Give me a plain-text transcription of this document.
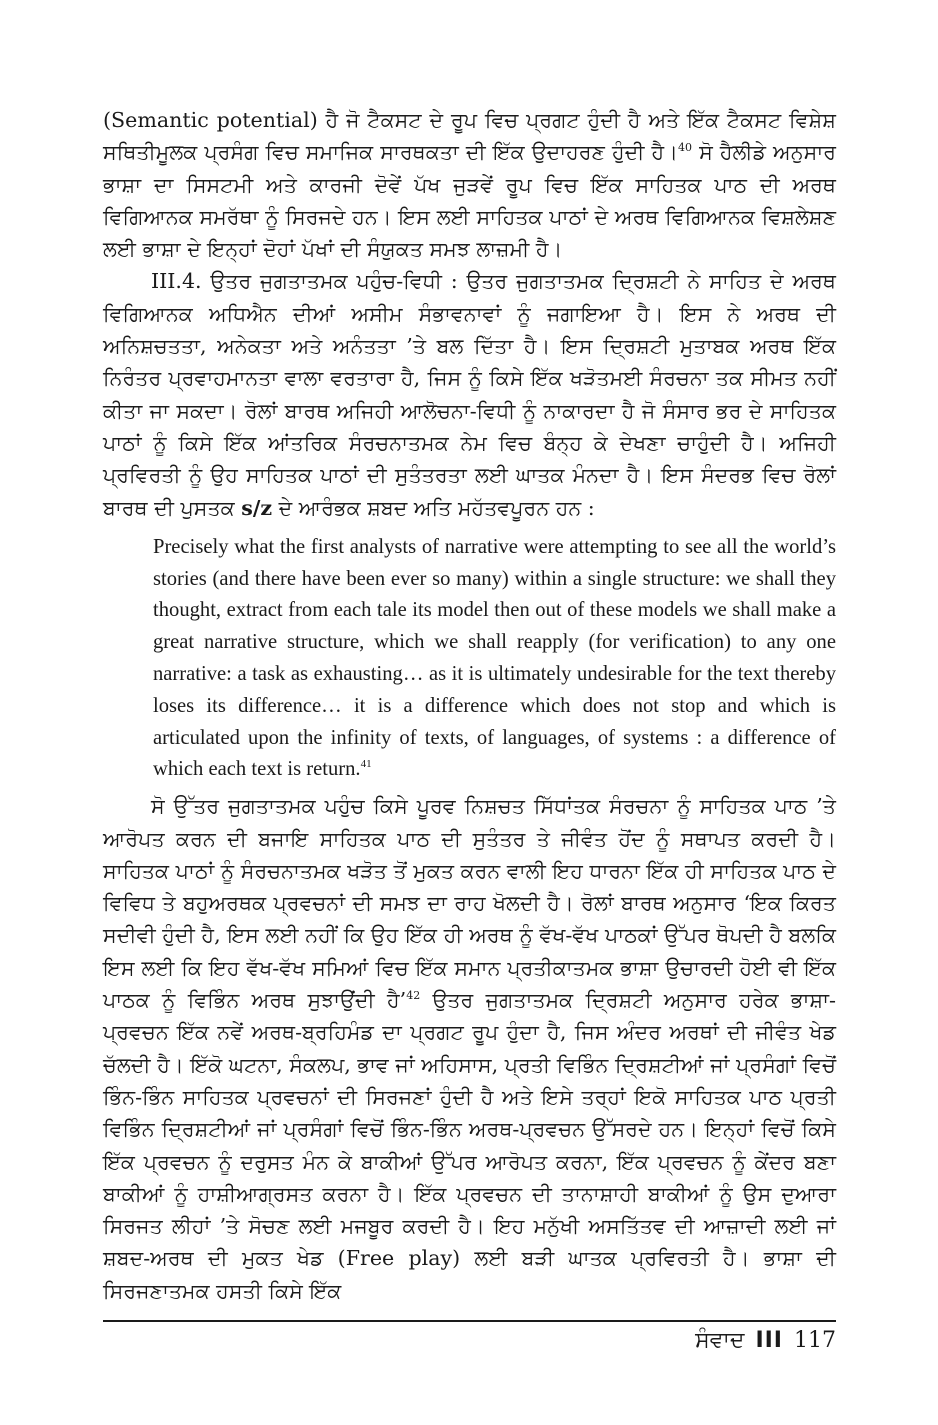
(Semantic potential) ਹੈ ਜੋ ਟੈਕਸਟ ਦੇ ਰੂਪ ਵਿਚ ਪ੍ਰਗਟ ਹੁੰਦੀ ਹੈ ਅਤੇ ਇੱਕ ਟੈਕਸਟ ਵਿਸ਼ੇਸ਼ ਸਥਿਤੀਮੂਲਕ ਪ੍ਰਸੰਗ ਵਿਚ ਸਮਾਜਿਕ ਸਾਰਥਕਤਾ ਦੀ ਇੱਕ ਉਦਾਹਰਣ ਹੁੰਦੀ ਹੈ।$^{40}$ ਸੋ ਹੈਲੀਡੇ ਅਨੁਸਾਰ ਭਾਸ਼ਾ ਦਾ ਸਿਸਟਮੀ ਅਤੇ ਕਾਰਜੀ ਦੋਵੇਂ ਪੱਖ ਜੁੜਵੇਂ ਰੂਪ ਵਿਚ ਇੱਕ ਸਾਹਿਤਕ ਪਾਠ ਦੀ ਅਰਥ ਵਿਗਿਆਨਕ ਸਮਰੱਥਾ ਨੂੰ ਸਿਰਜਦੇ ਹਨ। ਇਸ ਲਈ ਸਾਹਿਤਕ ਪਾਠਾਂ ਦੇ ਅਰਥ ਵਿਗਿਆਨਕ ਵਿਸ਼ਲੇਸ਼ਣ ਲਈ ਭਾਸ਼ਾ ਦੇ ਇਨ੍ਹਾਂ ਦੋਹਾਂ ਪੱਖਾਂ ਦੀ ਸੰਯੁਕਤ ਸਮਝ ਲਾਜ਼ਮੀ ਹੈ।

III.4. ਉਤਰ ਜੁਗਤਾਤਮਕ ਪਹੁੰਚ-ਵਿਧੀ : ਉਤਰ ਜੁਗਤਾਤਮਕ ਦ੍ਰਿਸ਼ਟੀ ਨੇ ਸਾਹਿਤ ਦੇ ਅਰਥ ਵਿਗਿਆਨਕ ਅਧਿਐਨ ਦੀਆਂ ਅਸੀਮ ਸੰਭਾਵਨਾਵਾਂ ਨੂੰ ਜਗਾਇਆ ਹੈ। ਇਸ ਨੇ ਅਰਥ ਦੀ ਅਨਿਸ਼ਚਤਤਾ, ਅਨੇਕਤਾ ਅਤੇ ਅਨੰਤਤਾ ’ਤੇ ਬਲ ਦਿੱਤਾ ਹੈ। ਇਸ ਦ੍ਰਿਸ਼ਟੀ ਮੁਤਾਬਕ ਅਰਥ ਇੱਕ ਨਿਰੰਤਰ ਪ੍ਰਵਾਹਮਾਨਤਾ ਵਾਲਾ ਵਰਤਾਰਾ ਹੈ, ਜਿਸ ਨੂੰ ਕਿਸੇ ਇੱਕ ਖੜੋਤਮਈ ਸੰਰਚਨਾ ਤਕ ਸੀਮਤ ਨਹੀਂ ਕੀਤਾ ਜਾ ਸਕਦਾ। ਰੋਲਾਂ ਬਾਰਥ ਅਜਿਹੀ ਆਲੋਚਨਾ-ਵਿਧੀ ਨੂੰ ਨਾਕਾਰਦਾ ਹੈ ਜੋ ਸੰਸਾਰ ਭਰ ਦੇ ਸਾਹਿਤਕ ਪਾਠਾਂ ਨੂੰ ਕਿਸੇ ਇੱਕ ਆਂਤਰਿਕ ਸੰਰਚਨਾਤਮਕ ਨੇਮ ਵਿਚ ਬੰਨ੍ਹ ਕੇ ਦੇਖਣਾ ਚਾਹੁੰਦੀ ਹੈ। ਅਜਿਹੀ ਪ੍ਰਵਿਰਤੀ ਨੂੰ ਉਹ ਸਾਹਿਤਕ ਪਾਠਾਂ ਦੀ ਸੁਤੰਤਰਤਾ ਲਈ ਘਾਤਕ ਮੰਨਦਾ ਹੈ। ਇਸ ਸੰਦਰਭ ਵਿਚ ਰੋਲਾਂ ਬਾਰਥ ਦੀ ਪੁਸਤਕ s/z ਦੇ ਆਰੰਭਕ ਸ਼ਬਦ ਅਤਿ ਮਹੱਤਵਪੂਰਨ ਹਨ :

Precisely what the first analysts of narrative were attempting to see all the world’s stories (and there have been ever so many) within a single structure: we shall they thought, extract from each tale its model then out of these models we shall make a great narrative structure, which we shall reapply (for verification) to any one narrative: a task as exhausting… as it is ultimately undesirable for the text thereby loses its difference… it is a difference which does not stop and which is articulated upon the infinity of texts, of languages, of systems : a difference of which each text is return.$^{41}$

ਸੋ ਉੱਤਰ ਜੁਗਤਾਤਮਕ ਪਹੁੰਚ ਕਿਸੇ ਪੂਰਵ ਨਿਸ਼ਚਤ ਸਿੱਧਾਂਤਕ ਸੰਰਚਨਾ ਨੂੰ ਸਾਹਿਤਕ ਪਾਠ ’ਤੇ ਆਰੋਪਤ ਕਰਨ ਦੀ ਬਜਾਇ ਸਾਹਿਤਕ ਪਾਠ ਦੀ ਸੁਤੰਤਰ ਤੇ ਜੀਵੰਤ ਹੋਂਦ ਨੂੰ ਸਥਾਪਤ ਕਰਦੀ ਹੈ। ਸਾਹਿਤਕ ਪਾਠਾਂ ਨੂੰ ਸੰਰਚਨਾਤਮਕ ਖੜੋਤ ਤੋਂ ਮੁਕਤ ਕਰਨ ਵਾਲੀ ਇਹ ਧਾਰਨਾ ਇੱਕ ਹੀ ਸਾਹਿਤਕ ਪਾਠ ਦੇ ਵਿਵਿਧ ਤੇ ਬਹੁਅਰਥਕ ਪ੍ਰਵਚਨਾਂ ਦੀ ਸਮਝ ਦਾ ਰਾਹ ਖੋਲਦੀ ਹੈ। ਰੋਲਾਂ ਬਾਰਥ ਅਨੁਸਾਰ ‘ਇਕ ਕਿਰਤ ਸਦੀਵੀ ਹੁੰਦੀ ਹੈ, ਇਸ ਲਈ ਨਹੀਂ ਕਿ ਉਹ ਇੱਕ ਹੀ ਅਰਥ ਨੂੰ ਵੱਖ-ਵੱਖ ਪਾਠਕਾਂ ਉੱਪਰ ਥੋਪਦੀ ਹੈ ਬਲਕਿ ਇਸ ਲਈ ਕਿ ਇਹ ਵੱਖ-ਵੱਖ ਸਮਿਆਂ ਵਿਚ ਇੱਕ ਸਮਾਨ ਪ੍ਰਤੀਕਾਤਮਕ ਭਾਸ਼ਾ ਉਚਾਰਦੀ ਹੋਈ ਵੀ ਇੱਕ ਪਾਠਕ ਨੂੰ ਵਿਭਿੰਨ ਅਰਥ ਸੁਝਾਉਂਦੀ ਹੈ’$^{42}$ ਉਤਰ ਜੁਗਤਾਤਮਕ ਦ੍ਰਿਸ਼ਟੀ ਅਨੁਸਾਰ ਹਰੇਕ ਭਾਸ਼ਾ-ਪ੍ਰਵਚਨ ਇੱਕ ਨਵੇਂ ਅਰਥ-ਬ੍ਰਹਿਮੰਡ ਦਾ ਪ੍ਰਗਟ ਰੂਪ ਹੁੰਦਾ ਹੈ, ਜਿਸ ਅੰਦਰ ਅਰਥਾਂ ਦੀ ਜੀਵੰਤ ਖੇਡ ਚੱਲਦੀ ਹੈ। ਇੱਕੋ ਘਟਨਾ, ਸੰਕਲਪ, ਭਾਵ ਜਾਂ ਅਹਿਸਾਸ, ਪ੍ਰਤੀ ਵਿਭਿੰਨ ਦ੍ਰਿਸ਼ਟੀਆਂ ਜਾਂ ਪ੍ਰਸੰਗਾਂ ਵਿਚੋਂ ਭਿੰਨ-ਭਿੰਨ ਸਾਹਿਤਕ ਪ੍ਰਵਚਨਾਂ ਦੀ ਸਿਰਜਣਾਂ ਹੁੰਦੀ ਹੈ ਅਤੇ ਇਸੇ ਤਰ੍ਹਾਂ ਇਕੋ ਸਾਹਿਤਕ ਪਾਠ ਪ੍ਰਤੀ ਵਿਭਿੰਨ ਦ੍ਰਿਸ਼ਟੀਆਂ ਜਾਂ ਪ੍ਰਸੰਗਾਂ ਵਿਚੋਂ ਭਿੰਨ-ਭਿੰਨ ਅਰਥ-ਪ੍ਰਵਚਨ ਉੱਸਰਦੇ ਹਨ। ਇਨ੍ਹਾਂ ਵਿਚੋਂ ਕਿਸੇ ਇੱਕ ਪ੍ਰਵਚਨ ਨੂੰ ਦਰੁਸਤ ਮੰਨ ਕੇ ਬਾਕੀਆਂ ਉੱਪਰ ਆਰੋਪਤ ਕਰਨਾ, ਇੱਕ ਪ੍ਰਵਚਨ ਨੂੰ ਕੇਂਦਰ ਬਣਾ ਬਾਕੀਆਂ ਨੂੰ ਹਾਸ਼ੀਆਗ੍ਰਸਤ ਕਰਨਾ ਹੈ। ਇੱਕ ਪ੍ਰਵਚਨ ਦੀ ਤਾਨਾਸ਼ਾਹੀ ਬਾਕੀਆਂ ਨੂੰ ਉਸ ਦੁਆਰਾ ਸਿਰਜਤ ਲੀਹਾਂ ’ਤੇ ਸੋਚਣ ਲਈ ਮਜਬੂਰ ਕਰਦੀ ਹੈ। ਇਹ ਮਨੁੱਖੀ ਅਸਤਿੱਤਵ ਦੀ ਆਜ਼ਾਦੀ ਲਈ ਜਾਂ ਸ਼ਬਦ-ਅਰਥ ਦੀ ਮੁਕਤ ਖੇਡ (Free play) ਲਈ ਬੜੀ ਘਾਤਕ ਪ੍ਰਵਿਰਤੀ ਹੈ। ਭਾਸ਼ਾ ਦੀ ਸਿਰਜਣਾਤਮਕ ਹਸਤੀ ਕਿਸੇ ਇੱਕ

ਸੰਵਾਦ III 117
